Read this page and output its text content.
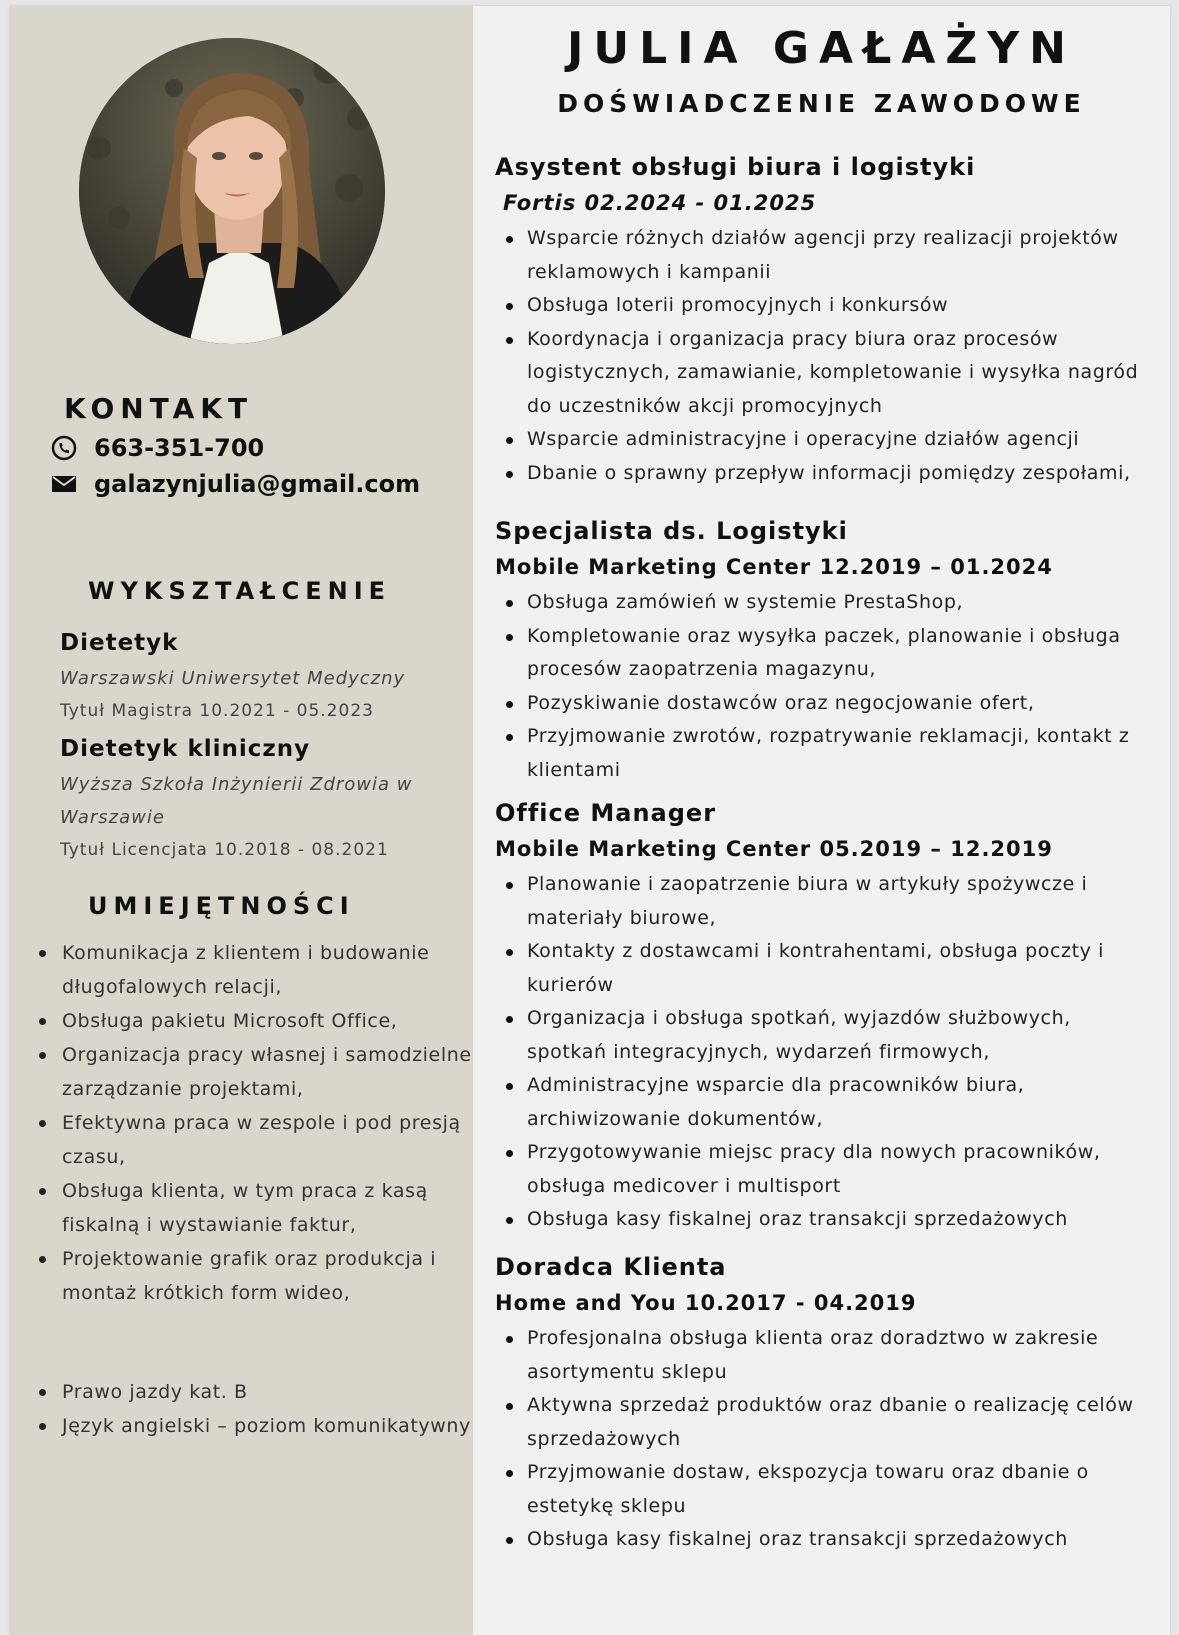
KONTAKT
663-351-700
galazynjulia@gmail.com
WYKSZTAŁCENIE
Dietetyk
Warszawski Uniwersytet Medyczny
Tytuł Magistra 10.2021 - 05.2023
Dietetyk kliniczny
Wyższa Szkoła Inżynierii Zdrowia w Warszawie
Tytuł Licencjata 10.2018 - 08.2021
UMIEJĘTNOŚCI
Komunikacja z klientem i budowanie długofalowych relacji,
Obsługa pakietu Microsoft Office,
Organizacja pracy własnej i samodzielne zarządzanie projektami,
Efektywna praca w zespole i pod presją czasu,
Obsługa klienta, w tym praca z kasą fiskalną i wystawianie faktur,
Projektowanie grafik oraz produkcja i montaż krótkich form wideo,
Prawo jazdy kat. B
Język angielski – poziom komunikatywny
JULIA GAŁAŻYN
DOŚWIADCZENIE ZAWODOWE
Asystent obsługi biura i logistyki
Fortis 02.2024 - 01.2025
Wsparcie różnych działów agencji przy realizacji projektów reklamowych i kampanii
Obsługa loterii promocyjnych i konkursów
Koordynacja i organizacja pracy biura oraz procesów logistycznych, zamawianie, kompletowanie i wysyłka nagród do uczestników akcji promocyjnych
Wsparcie administracyjne i operacyjne działów agencji
Dbanie o sprawny przepływ informacji pomiędzy zespołami,
Specjalista ds. Logistyki
Mobile Marketing Center 12.2019 – 01.2024
Obsługa zamówień w systemie PrestaShop,
Kompletowanie oraz wysyłka paczek, planowanie i obsługa procesów zaopatrzenia magazynu,
Pozyskiwanie dostawców oraz negocjowanie ofert,
Przyjmowanie zwrotów, rozpatrywanie reklamacji, kontakt z klientami
Office Manager
Mobile Marketing Center 05.2019 – 12.2019
Planowanie i zaopatrzenie biura w artykuły spożywcze i materiały biurowe,
Kontakty z dostawcami i kontrahentami, obsługa poczty i kurierów
Organizacja i obsługa spotkań, wyjazdów służbowych, spotkań integracyjnych, wydarzeń firmowych,
Administracyjne wsparcie dla pracowników biura, archiwizowanie dokumentów,
Przygotowywanie miejsc pracy dla nowych pracowników, obsługa medicover i multisport
Obsługa kasy fiskalnej oraz transakcji sprzedażowych
Doradca Klienta
Home and You 10.2017 - 04.2019
Profesjonalna obsługa klienta oraz doradztwo w zakresie asortymentu sklepu
Aktywna sprzedaż produktów oraz dbanie o realizację celów sprzedażowych
Przyjmowanie dostaw, ekspozycja towaru oraz dbanie o estetykę sklepu
Obsługa kasy fiskalnej oraz transakcji sprzedażowych
